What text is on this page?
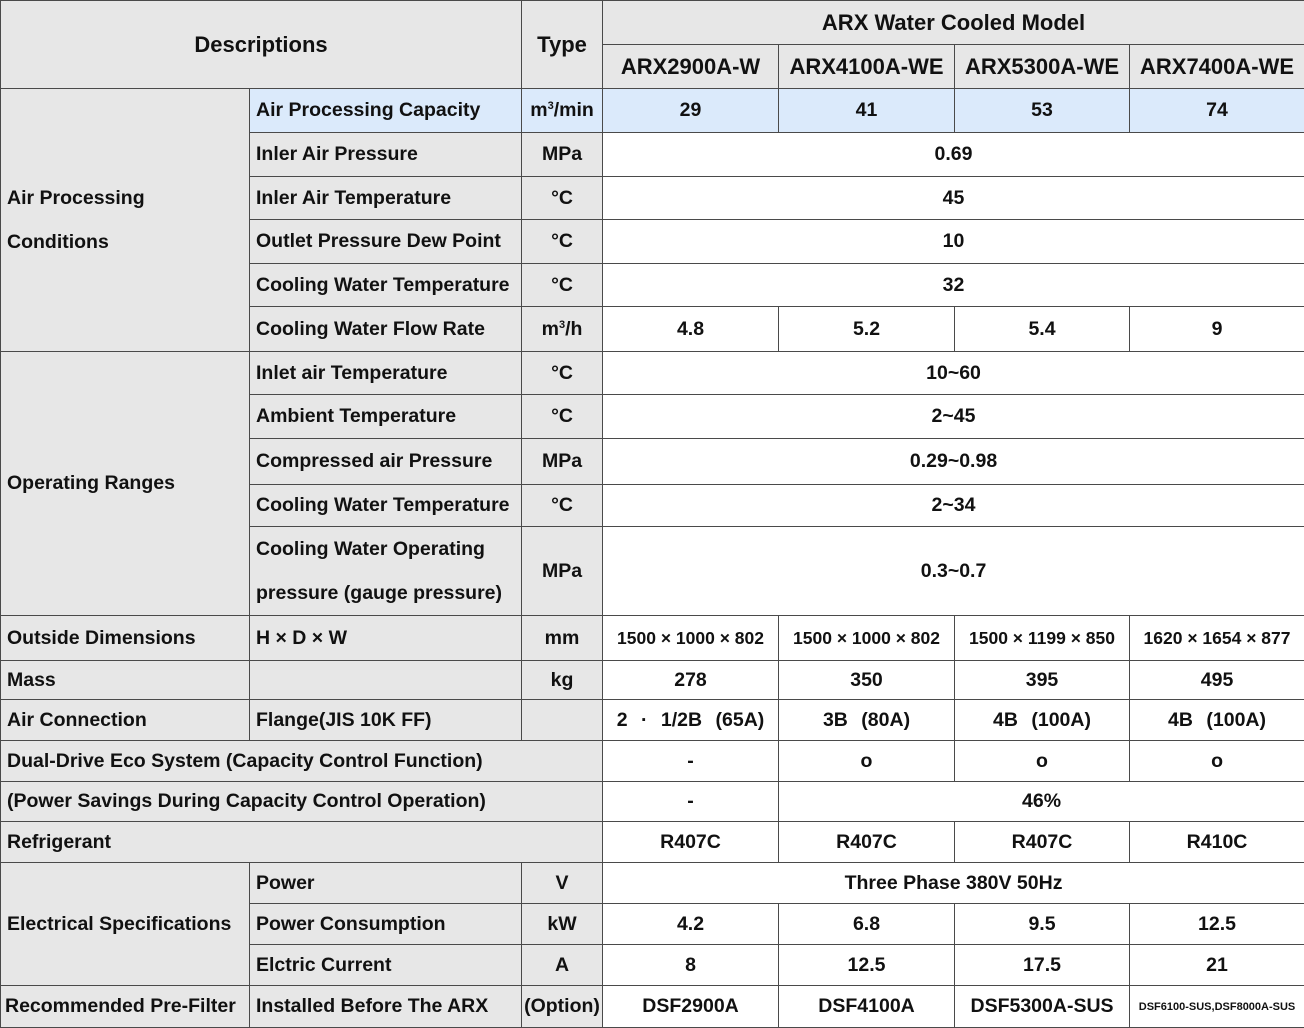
Descriptions		Type	ARX Water Cooled Model			
			ARX2900A-W	ARX4100A-WE	ARX5300A-WE	ARX7400A-WE
Air Processing
Conditions	Air Processing Capacity	$m^3/\min$	29	41	53	74
	Inler Air Pressure	MPa	0.69			
	Inler Air Temperature	°C	45			
	Outlet Pressure Dew Point	°C	10			
	Cooling Water Temperature	°C	32			
	Cooling Water Flow Rate	$m^3/h$	4.8	5.2	5.4	9
Operating Ranges	Inlet air Temperature	°C	10~60			
	Ambient Temperature	°C	2~45			
	Compressed air Pressure	MPa	0.29~0.98			
	Cooling Water Temperature	°C	2~34			
	Cooling Water Operating
pressure (gauge pressure)	MPa	0.3~0.7			
Outside Dimensions	H × D × W	mm	1500 × 1000 × 802	1500 × 1000 × 802	1500 × 1199 × 850	1620 × 1654 × 877
Mass		kg	278	350	395	495
Air Connection	Flange(JIS 10K FF)		2 · 1/2B (65A)	3B (80A)	4B (100A)	4B (100A)
Dual-Drive Eco System (Capacity Control Function)			-	o	o	o
(Power Savings During Capacity Control Operation)			-	46%		
Refrigerant			R407C	R407C	R407C	R410C
Electrical Specifications	Power	V	Three Phase 380V 50Hz			
	Power Consumption	kW	4.2	6.8	9.5	12.5
	Elctric Current	A	8	12.5	17.5	21
Recommended Pre-Filter	Installed Before The ARX	(Option)	DSF2900A	DSF4100A	DSF5300A-SUS	DSF6100-SUS,DSF8000A-SUS
